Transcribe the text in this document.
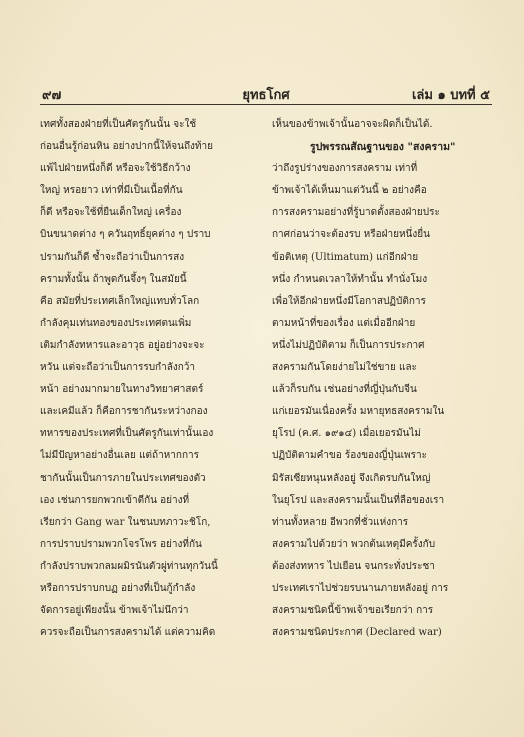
๙๗	ยุทธโกศ	เล่ม ๑ บทที่ ๕
เทศทั้งสองฝ่ายที่เป็นศัตรูกันนั้น จะใช้
ก่อนอื่นรู้ก่อนหิน อย่างปากนี้ให้จนถึงท้าย
แพ้ไปฝ่ายหนึ่งก็ดี หรือจะใช้วิธีกว้าง
ใหญ่ หรอยาว เท่าที่มีเป็นเนื้อที่กัน
ก็ดี หรือจะใช้ที่ยืนเด็กใหญ่ เครื่อง
บินขนาดต่าง ๆ ควันฤทธิ์ยุคต่าง ๆ ปราบ
ปรามกันก็ดี ซ้ำจะถือว่าเป็นการสง
ครามทั้งนั้น ถ้าพูดกันจึ้งๆ ในสมัยนี้
คือ สมัยที่ประเทศเล็กใหญ่แทบทั่วโลก
กำลังคุมเท่นทองของประเทศตนเพิ่ม
เติมกำลังทหารและอาวุธ อยู่อย่างจะจะ
หวัน แต่จะถือว่าเป็นการรบกำลังกว้า
หน้า อย่างมากมายในทางวิทยาศาสตร์
และเคมีแล้ว ก็คือการชากันระหว่างกอง
ทหารของประเทศที่เป็นศัตรูกันเท่านั้นเอง
ไม่มีปัญหาอย่างอื่นเลย แต่ถ้าหากการ
ชากันนั้นเป็นการภายในประเทศของตัว
เอง เช่นการยกพวกเข้าตีกัน อย่างที่
เรียกว่า Gang war ในชนบทภาวะชิโก,
การปราบปรามพวกโจรโพร อย่างที่กัน
กำลังปราบพวกลมผมิรนันตัวผู่ท่านทุกวันนี้
หรือการปราบกบฏ อย่างที่เป็นกู้กำลัง
จัดการอยู่เพียงนั้น ข้าพเจ้าไม่นึกว่า
ควรจะถือเป็นการสงครามได้ แต่ความคิด
เห็นของข้าพเจ้านั้นอาจจะผิดก็เป็นได้.
รูปพรรณสัณฐานของ "สงคราม"
ว่าถึงรูปร่างของการสงคราม เท่าที่
ข้าพเจ้าได้เห็นมาแต่วันนี้ ๒ อย่างคือ
การสงครามอย่างที่รู้บาดตั้งสองฝ่ายประ
กาศก่อนว่าจะต้องรบ หรือฝ่ายหนึ่งยื่น
ข้อติเหตุ (Ultimatum) แก่อีกฝ่าย
หนึ่ง กำหนดเวลาให้ทำนั้น ทำนั่งโมง
เพื่อให้อีกฝ่ายหนึ่งมีโอกาสปฏิบัติการ
ตามหน้าที่ของเรื่อง แต่เมื่ออีกฝ่าย
หนึ่งไม่ปฏิบัติตาม ก็เป็นการประกาศ
สงครามกันโดยง่ายไม่ใช่ขาย และ
แล้วก็รบกัน เช่นอย่างที่ญี่ปุ่นกับจีน
แก่เยอรมันเนื่องครั้ง มหายุทธสงครามใน
ยุโรป (ค.ศ. ๑๙๑๔) เมื่อเยอรมันไม่
ปฏิบัติตามคำขอ ร้องของญี่ปุ่นเพราะ
มิรัสเซียหนุนหลังอยู่ จึงเกิดรบกันใหญ่
ในยุโรป และสงครามนั้นเป็นที่ลือของเรา
ท่านทั้งหลาย อีพวกที่ชั่วแห่งการ
สงครามไปด้วยว่า พวกต้นเหตุมีครั้งกับ
ต้องส่งทหาร ไปเยือน จนกระทั่งประชา
ประเทศเราไปช่วยรบนานภายหลังอยู่ การ
สงครามชนิดนี้ข้าพเจ้าขอเรียกว่า การ
สงครามชนิดประกาศ (Declared war)
